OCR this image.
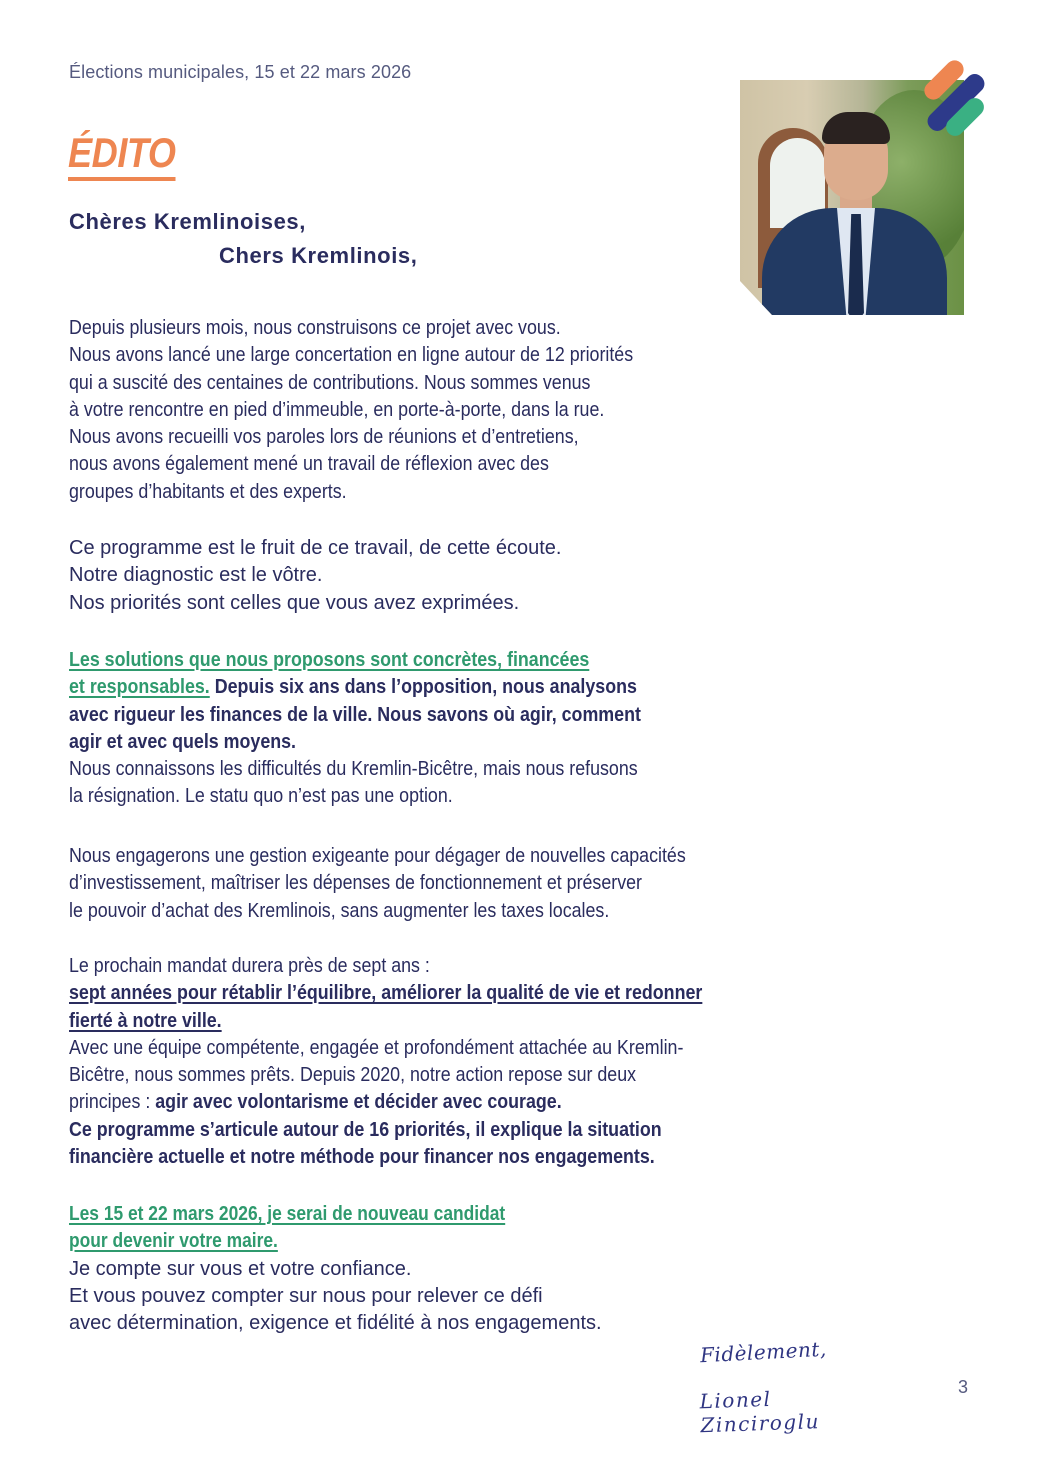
Élections municipales, 15 et 22 mars 2026
ÉDITO
Chères Kremlinoises,
Chers Kremlinois,
Depuis plusieurs mois, nous construisons ce projet avec vous.
Nous avons lancé une large concertation en ligne autour de 12 priorités
qui a suscité des centaines de contributions. Nous sommes venus
à votre rencontre en pied d’immeuble, en porte-à-porte, dans la rue.
Nous avons recueilli vos paroles lors de réunions et d’entretiens,
nous avons également mené un travail de réflexion avec des
groupes d’habitants et des experts.
Ce programme est le fruit de ce travail, de cette écoute.
Notre diagnostic est le vôtre.
Nos priorités sont celles que vous avez exprimées.
Les solutions que nous proposons sont concrètes, financées
et responsables. Depuis six ans dans l’opposition, nous analysons
avec rigueur les finances de la ville. Nous savons où agir, comment
agir et avec quels moyens.
Nous connaissons les difficultés du Kremlin-Bicêtre, mais nous refusons
la résignation. Le statu quo n’est pas une option.
Nous engagerons une gestion exigeante pour dégager de nouvelles capacités
d’investissement, maîtriser les dépenses de fonctionnement et préserver
le pouvoir d’achat des Kremlinois, sans augmenter les taxes locales.
Le prochain mandat durera près de sept ans :
sept années pour rétablir l’équilibre, améliorer la qualité de vie et redonner
fierté à notre ville.
Avec une équipe compétente, engagée et profondément attachée au Kremlin-
Bicêtre, nous sommes prêts. Depuis 2020, notre action repose sur deux
principes : agir avec volontarisme et décider avec courage.
Ce programme s’articule autour de 16 priorités, il explique la situation
financière actuelle et notre méthode pour financer nos engagements.
Les 15 et 22 mars 2026, je serai de nouveau candidat
pour devenir votre maire.
Je compte sur vous et votre confiance.
Et vous pouvez compter sur nous pour relever ce défi
avec détermination, exigence et fidélité à nos engagements.
Fidèlement,
Lionel Zinciroglu
3
